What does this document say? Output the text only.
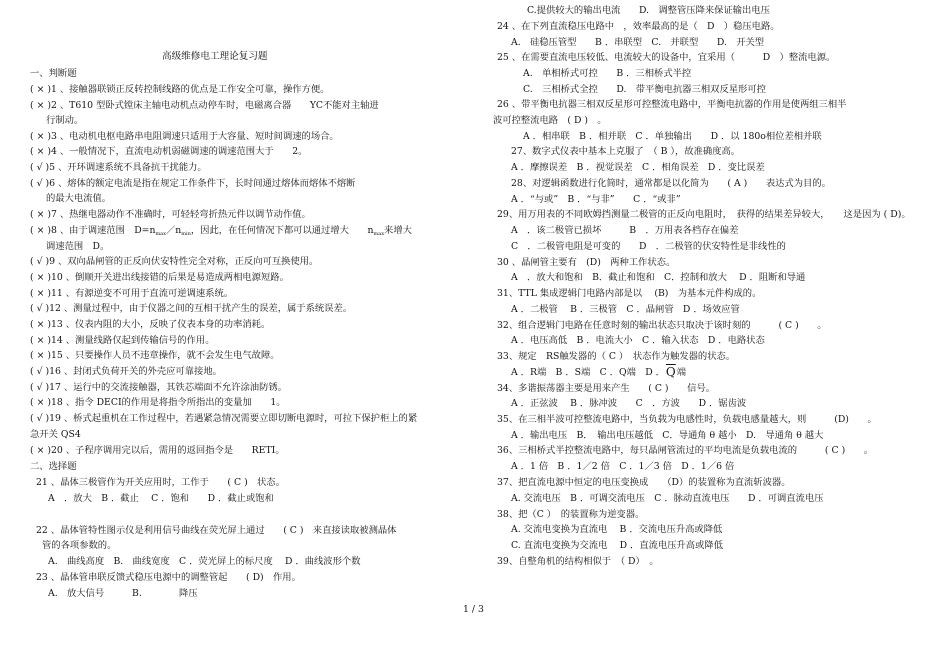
高级维修电工理论复习题
一、判断题
( × )1 、接触器联锁正反转控制线路的优点是工作安全可靠，操作方便。
( × )2 、T610 型卧式镗床主轴电动机点动停车时，电磁离合器　　YC不能对主轴进
行制动。
( × )3 、电动机电枢电路串电阻调速只适用于大容量、短时间调速的场合。
( × )4 、一般情况下，直流电动机弱磁调速的调速范围大于　　2。
( √ )5 、开环调速系统不具备抗干扰能力。
( √ )6 、熔体的额定电流是指在规定工作条件下，长时间通过熔体而熔体不熔断
的最大电流值。
( × )7 、热继电器动作不准确时，可轻轻弯折热元件以调节动作值。
( × )8 、由于调速范围　$D=n_{max}/n_{min}$，因此，在任何情况下都可以通过增大　　$n_{max}$来增大
调速范围　D。
( √ )9 、双向晶闸管的正反向伏安特性完全对称，正反向可互换使用。
( × )10 、倒顺开关进出线接错的后果是易造成两相电源短路。
( × )11 、有源逆变不可用于直流可逆调速系统。
( √ )12 、测量过程中，由于仪器之间的互相干扰产生的误差，属于系统误差。
( × )13 、仪表内阻的大小，反映了仪表本身的功率消耗。
( × )14 、测量线路仅起到传输信号的作用。
( × )15 、只要操作人员不违章操作，就不会发生电气故障。
( √ )16 、封闭式负荷开关的外壳应可靠接地。
( √ )17 、运行中的交流接触器，其铁芯端面不允许涂油防锈。
( × )18 、指令 DECI的作用是将指令所指出的变量加　　1。
( √ )19 、桥式起重机在工作过程中，若遇紧急情况需要立即切断电源时，可拉下保护柜上的紧
急开关 QS4
( × )20 、子程序调用完以后，需用的返回指令是　　RETI。
二、选择题
21 、晶体三极管作为开关应用时，工作于　　( C )　状态。
A　．放大　B ．截止　 C ．饱和　　D ．截止或饱和
22 、晶体管特性图示仪是利用信号曲线在荧光屏上通过　　( C )　来直接读取被测晶体
管的各项参数的。
A.　曲线高度　B.　曲线宽度　C ．荧光屏上的标尺度　 D ．曲线波形个数
23 、晶体管串联反馈式稳压电源中的调整管起　　( D)　作用。
A.　放大信号　　　B.　　　　降压
C.提供较大的输出电流　　D.　调整管压降来保证输出电压
24 、在下列直流稳压电路中　，效率最高的是（　D　）稳压电路。
A.　硅稳压管型　　B ．串联型　C.　并联型　　D.　开关型
25 、在需要直流电压较低、电流较大的设备中，宜采用（　　　D　）整流电源。
A.　单相桥式可控　　B ．三相桥式半控
C.　三相桥式全控　　D.　带平衡电抗器三相双反星形可控
26 、带平衡电抗器三相双反星形可控整流电路中，平衡电抗器的作用是使两组三相半
波可控整流电路　( D )　。
A ．相串联　B ．相并联　C ．单独输出　　D ．以 180o相位差相并联
27、数字式仪表中基本上克服了　（ B ），故准确度高。
A ．摩擦误差　B ．视觉误差　C ．相角误差　D ．变比误差
28、对逻辑函数进行化简时，通常都是以化简为　　( A )　　表达式为目的。
A ．“与或”　B ．“与非”　　C ．“或非”
29、用万用表的不同欧姆挡测量二极管的正反向电阻时，　获得的结果差异较大，　　这是因为 ( D)。
A　．该二极管已损坏　　　B　．万用表各档存在偏差
C　．二极管电阻是可变的　　D　．二极管的伏安特性是非线性的
30 、晶闸管主要有　(D)　两种工作状态。
A　．放大和饱和　B．截止和饱和　C．控制和放大　 D ．阻断和导通
31、TTL 集成逻辑门电路内部是以　 (B)　为基本元件构成的。
A ．二极管　 B ．三极管　C ．晶闸管　D ．场效应管
32、组合逻辑门电路在任意时刻的输出状态只取决于该时刻的　　　( C )　　。
A ．电压高低　B ．电流大小　C ．输入状态　D ．电路状态
33、规定　RS触发器的（ C ）　状态作为触发器的状态。
A ．R端　B ．S端　C ．Q端　D ．$\overline{Q}$端
34、多谐振荡器主要是用来产生　　( C )　　信号。
A ．正弦波　 B ．脉冲波　　C　．方波　　D ．锯齿波
35、在三相半波可控整流电路中，当负载为电感性时，负载电感量越大，则　　　(D)　　。
A ．输出电压　B．　输出电压越低　C．导通角 θ 越小　D.　导通角 θ 越大
36、三相桥式半控整流电路中，每只晶闸管流过的平均电流是负载电流的　　　( C )　　。
A ．1 倍　B ．1／2 倍　C ．1／3 倍　D ．1／6 倍
37、把直流电源中恒定的电压变换成　　（D）的装置称为直流斩波器。
A. 交流电压　B ．可调交流电压　C ．脉动直流电压　　D ．可调直流电压
38、把（C ）　的装置称为逆变器。
A. 交流电变换为直流电　 B ．交流电压升高或降低
C. 直流电变换为交流电　 D ．直流电压升高或降低
39、自整角机的结构相似于　（ D）　。
1 / 3
